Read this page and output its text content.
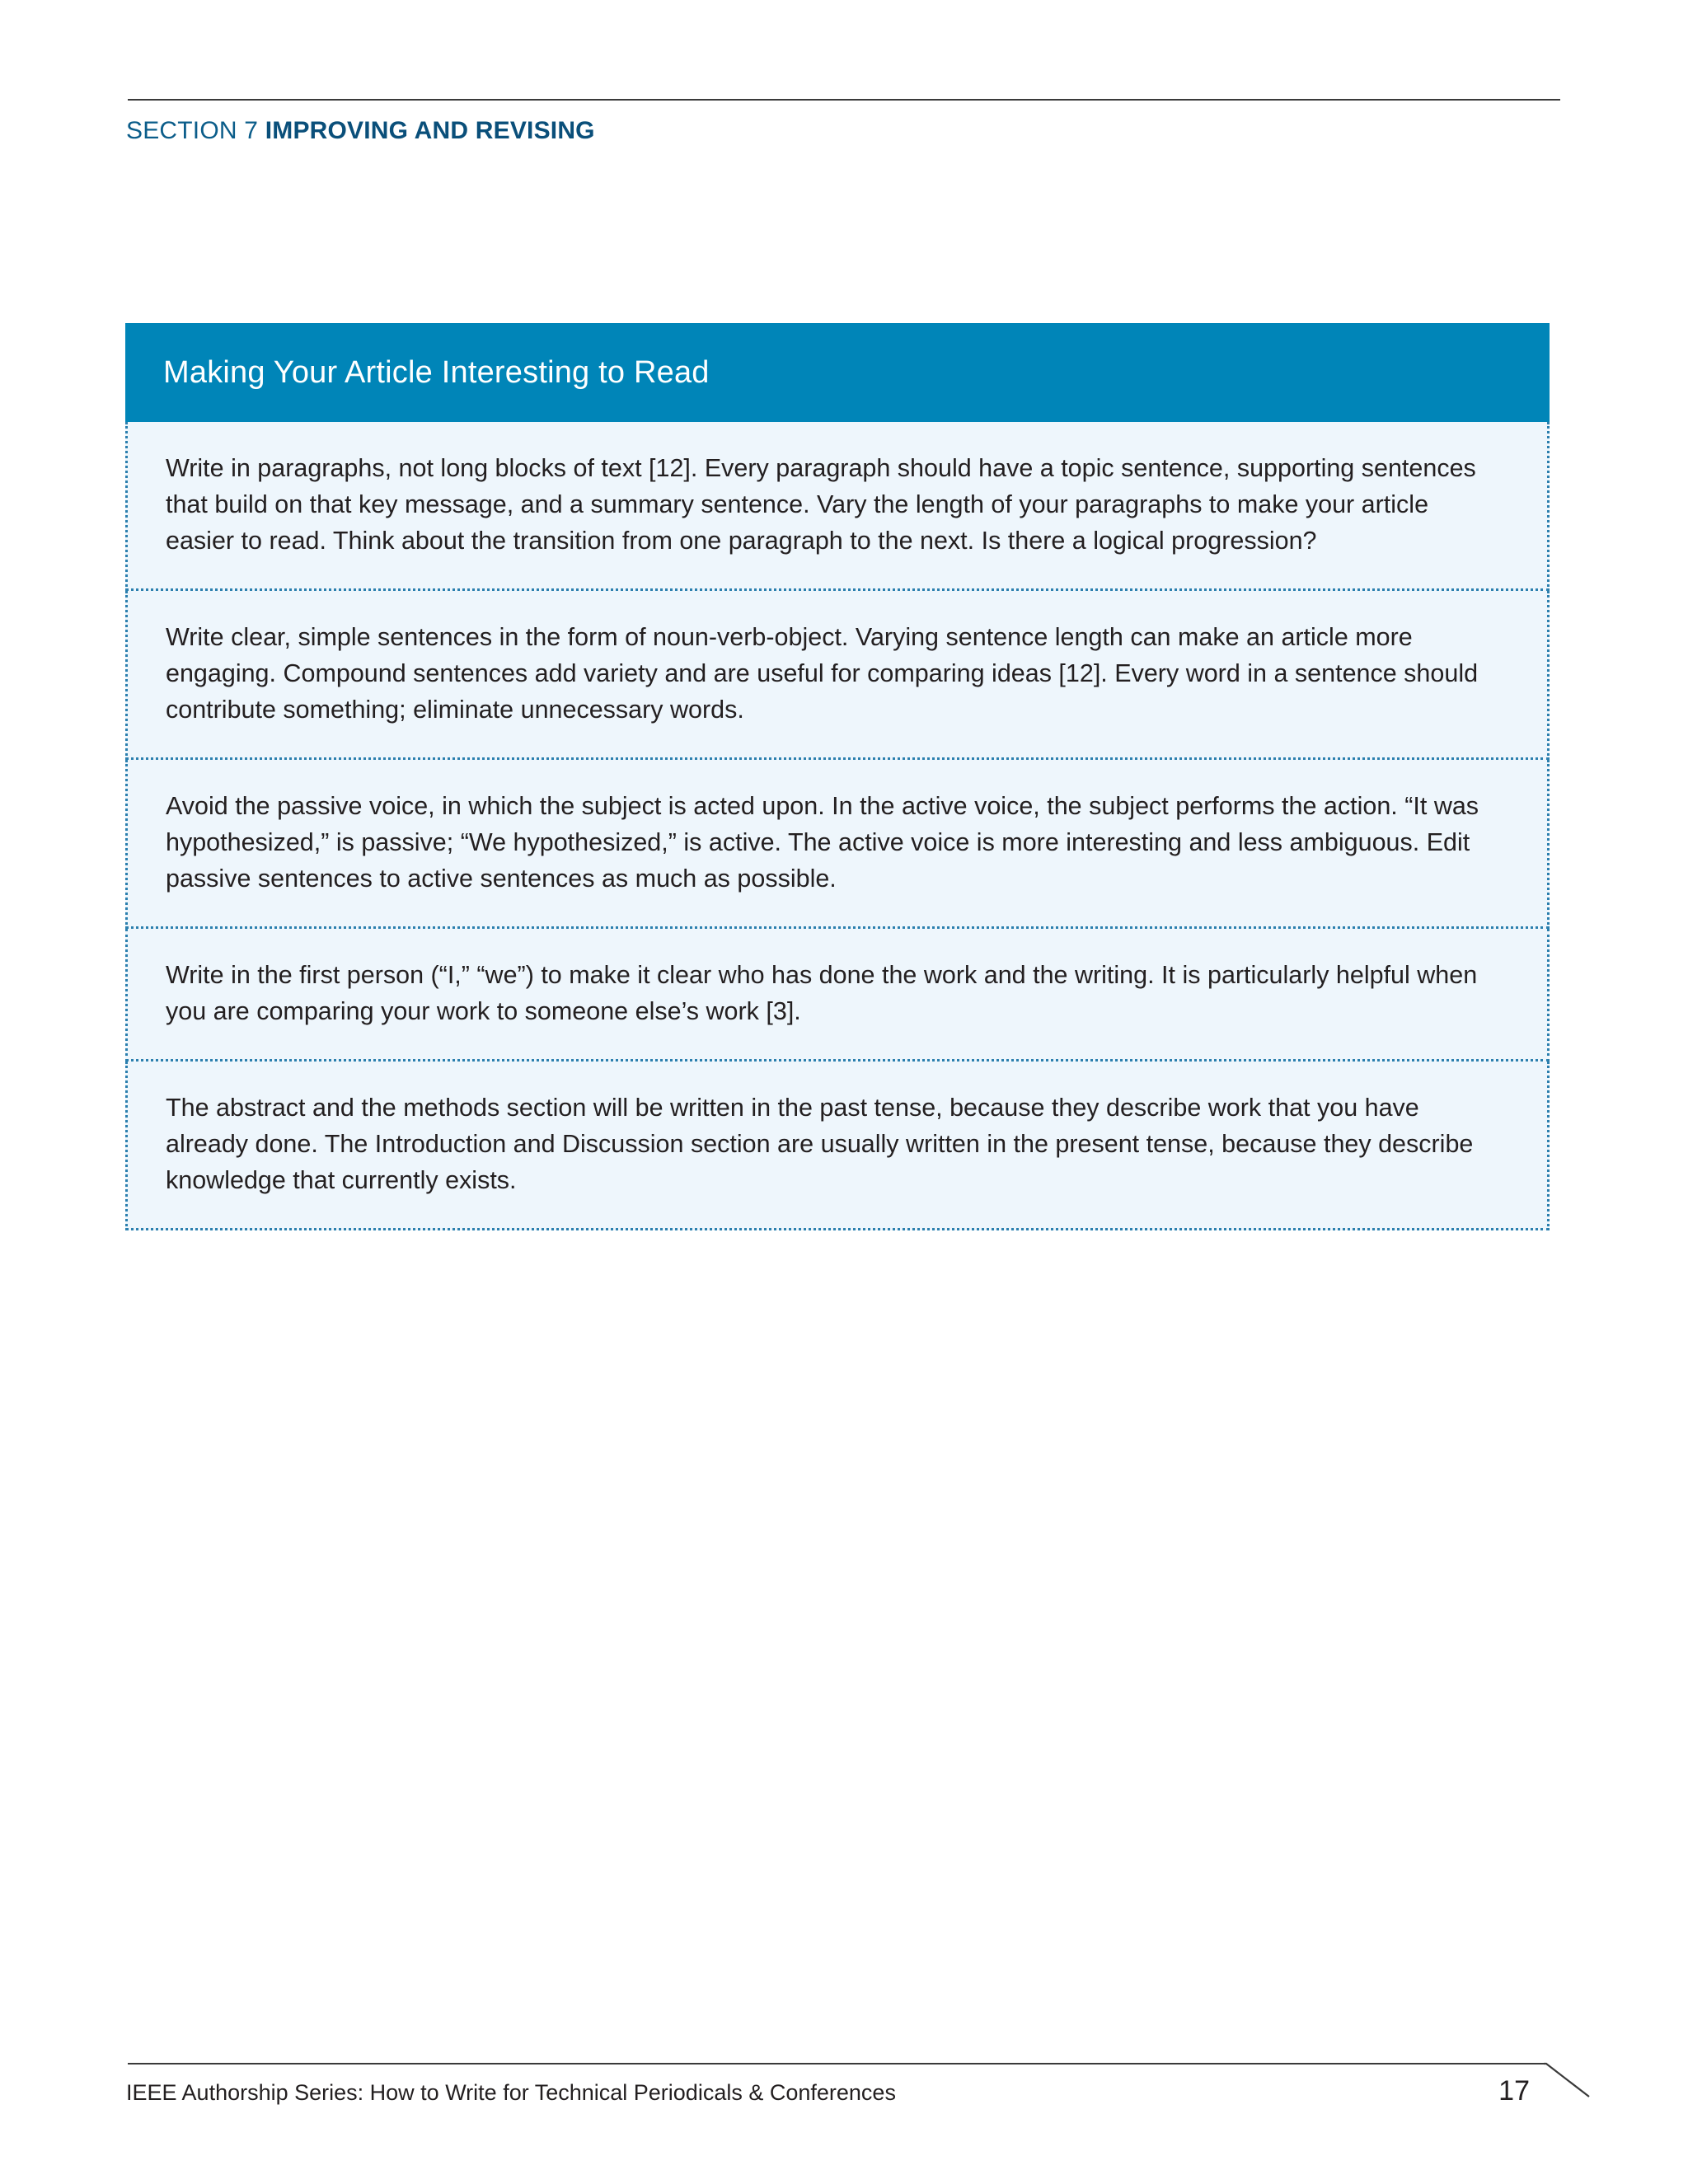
SECTION 7 IMPROVING AND REVISING
Making Your Article Interesting to Read
Write in paragraphs, not long blocks of text [12]. Every paragraph should have a topic sentence, supporting sentences that build on that key message, and a summary sentence. Vary the length of your paragraphs to make your article easier to read. Think about the transition from one paragraph to the next. Is there a logical progression?
Write clear, simple sentences in the form of noun-verb-object. Varying sentence length can make an article more engaging. Compound sentences add variety and are useful for comparing ideas [12]. Every word in a sentence should contribute something; eliminate unnecessary words.
Avoid the passive voice, in which the subject is acted upon. In the active voice, the subject performs the action. “It was hypothesized,” is passive; “We hypothesized,” is active. The active voice is more interesting and less ambiguous. Edit passive sentences to active sentences as much as possible.
Write in the first person (“I,” “we”) to make it clear who has done the work and the writing. It is particularly helpful when you are comparing your work to someone else’s work [3].
The abstract and the methods section will be written in the past tense, because they describe work that you have already done. The Introduction and Discussion section are usually written in the present tense, because they describe knowledge that currently exists.
IEEE Authorship Series: How to Write for Technical Periodicals & Conferences	17
